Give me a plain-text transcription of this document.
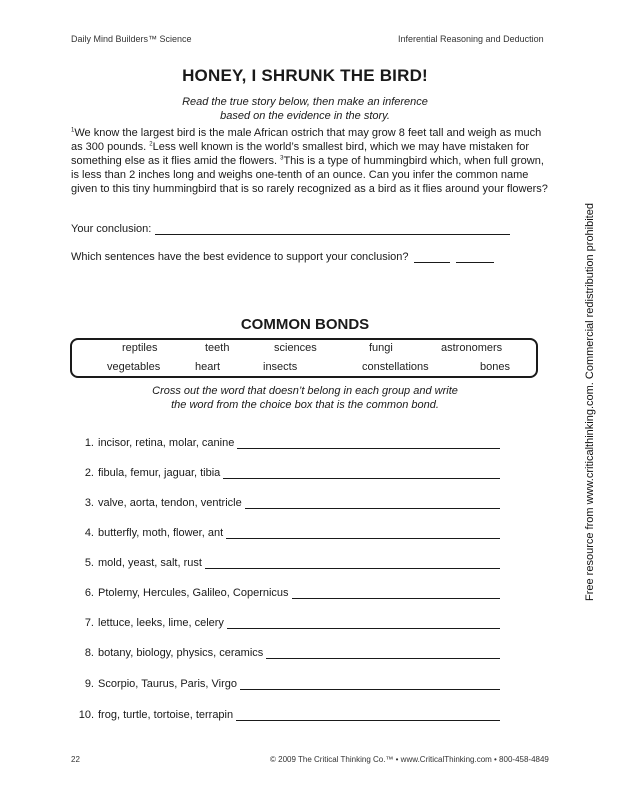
Daily Mind Builders™ Science	Inferential Reasoning and Deduction
HONEY, I SHRUNK THE BIRD!
Read the true story below, then make an inference
based on the evidence in the story.
$^1$We know the largest bird is the male African ostrich that may grow 8 feet tall and weigh as much as 300 pounds. $^2$Less well known is the world’s smallest bird, which we may have mistaken for something else as it flies amid the flowers. $^3$This is a type of hummingbird which, when full grown, is less than 2 inches long and weighs one-tenth of an ounce. Can you infer the common name given to this tiny hummingbird that is so rarely recognized as a bird as it flies around your flowers?
Your conclusion:
Which sentences have the best evidence to support your conclusion?
COMMON BONDS
reptiles	teeth	sciences	fungi	astronomers
vegetables	heart	insects	constellations	bones
Cross out the word that doesn’t belong in each group and write
the word from the choice box that is the common bond.
1. incisor, retina, molar, canine
2. fibula, femur, jaguar, tibia
3. valve, aorta, tendon, ventricle
4. butterfly, moth, flower, ant
5. mold, yeast, salt, rust
6. Ptolemy, Hercules, Galileo, Copernicus
7. lettuce, leeks, lime, celery
8. botany, biology, physics, ceramics
9. Scorpio, Taurus, Paris, Virgo
10. frog, turtle, tortoise, terrapin
Free resource from www.criticalthinking.com. Commercial redistribution prohibited
22	© 2009 The Critical Thinking Co.™ • www.CriticalThinking.com • 800-458-4849
